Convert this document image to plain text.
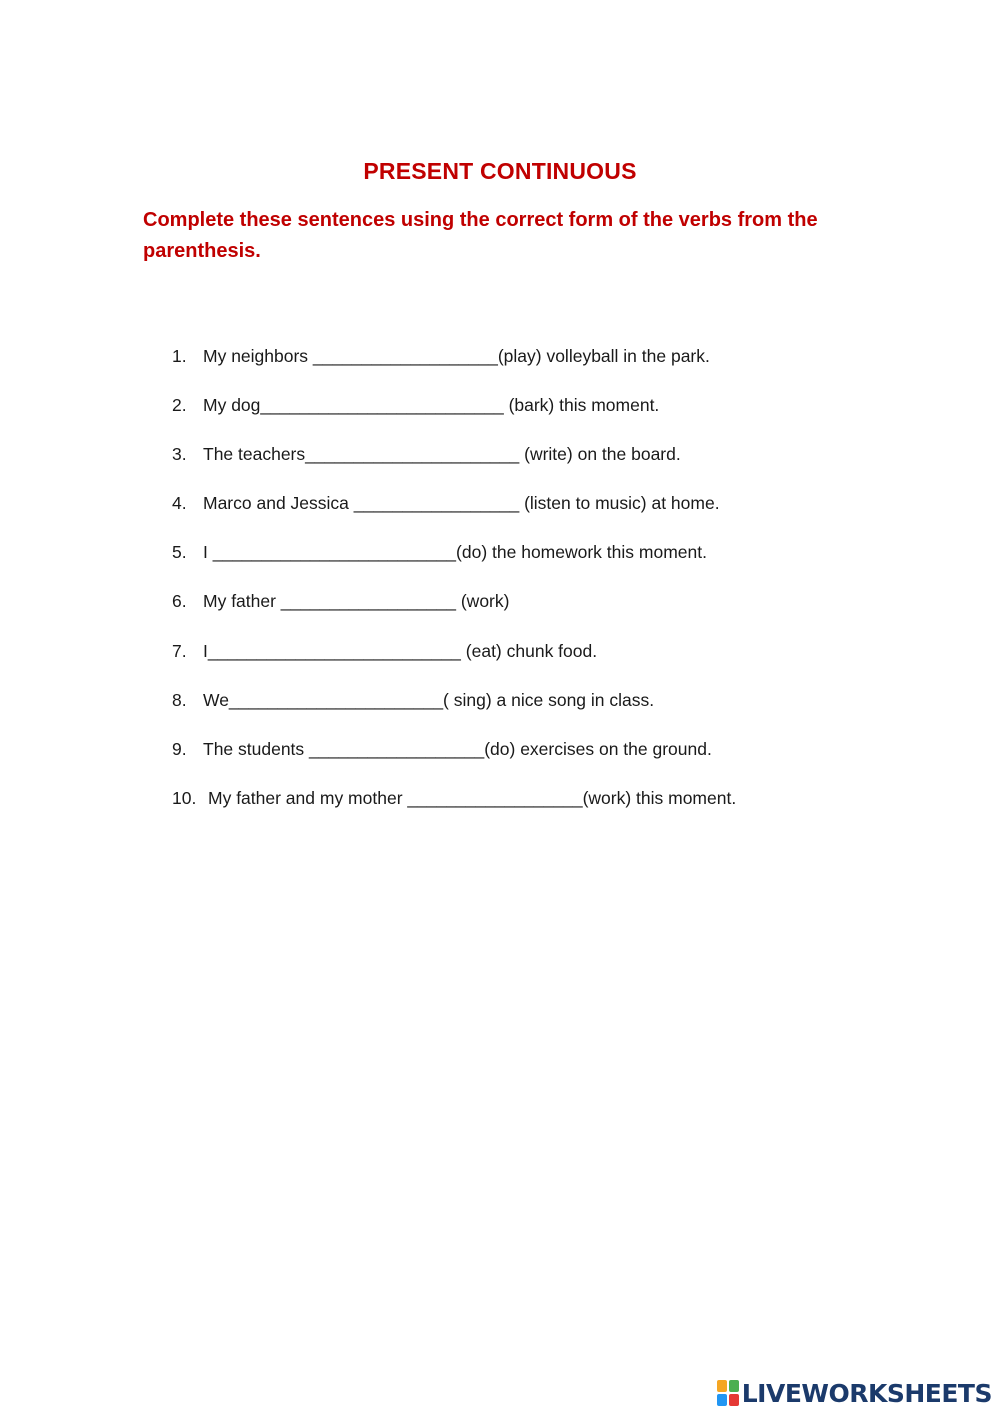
PRESENT CONTINUOUS
Complete these sentences using the correct form of the verbs from the parenthesis.
1. My neighbors ___________________(play) volleyball in the park.
2. My dog_________________________ (bark) this moment.
3. The teachers______________________ (write) on the board.
4. Marco and Jessica _________________ (listen to music) at home.
5. I _________________________(do) the homework this moment.
6. My father __________________ (work)
7. I__________________________ (eat) chunk food.
8. We______________________( sing) a nice song in class.
9. The students __________________(do) exercises on the ground.
10. My father and my mother __________________(work) this moment.
LIVEWORKSHEETS
